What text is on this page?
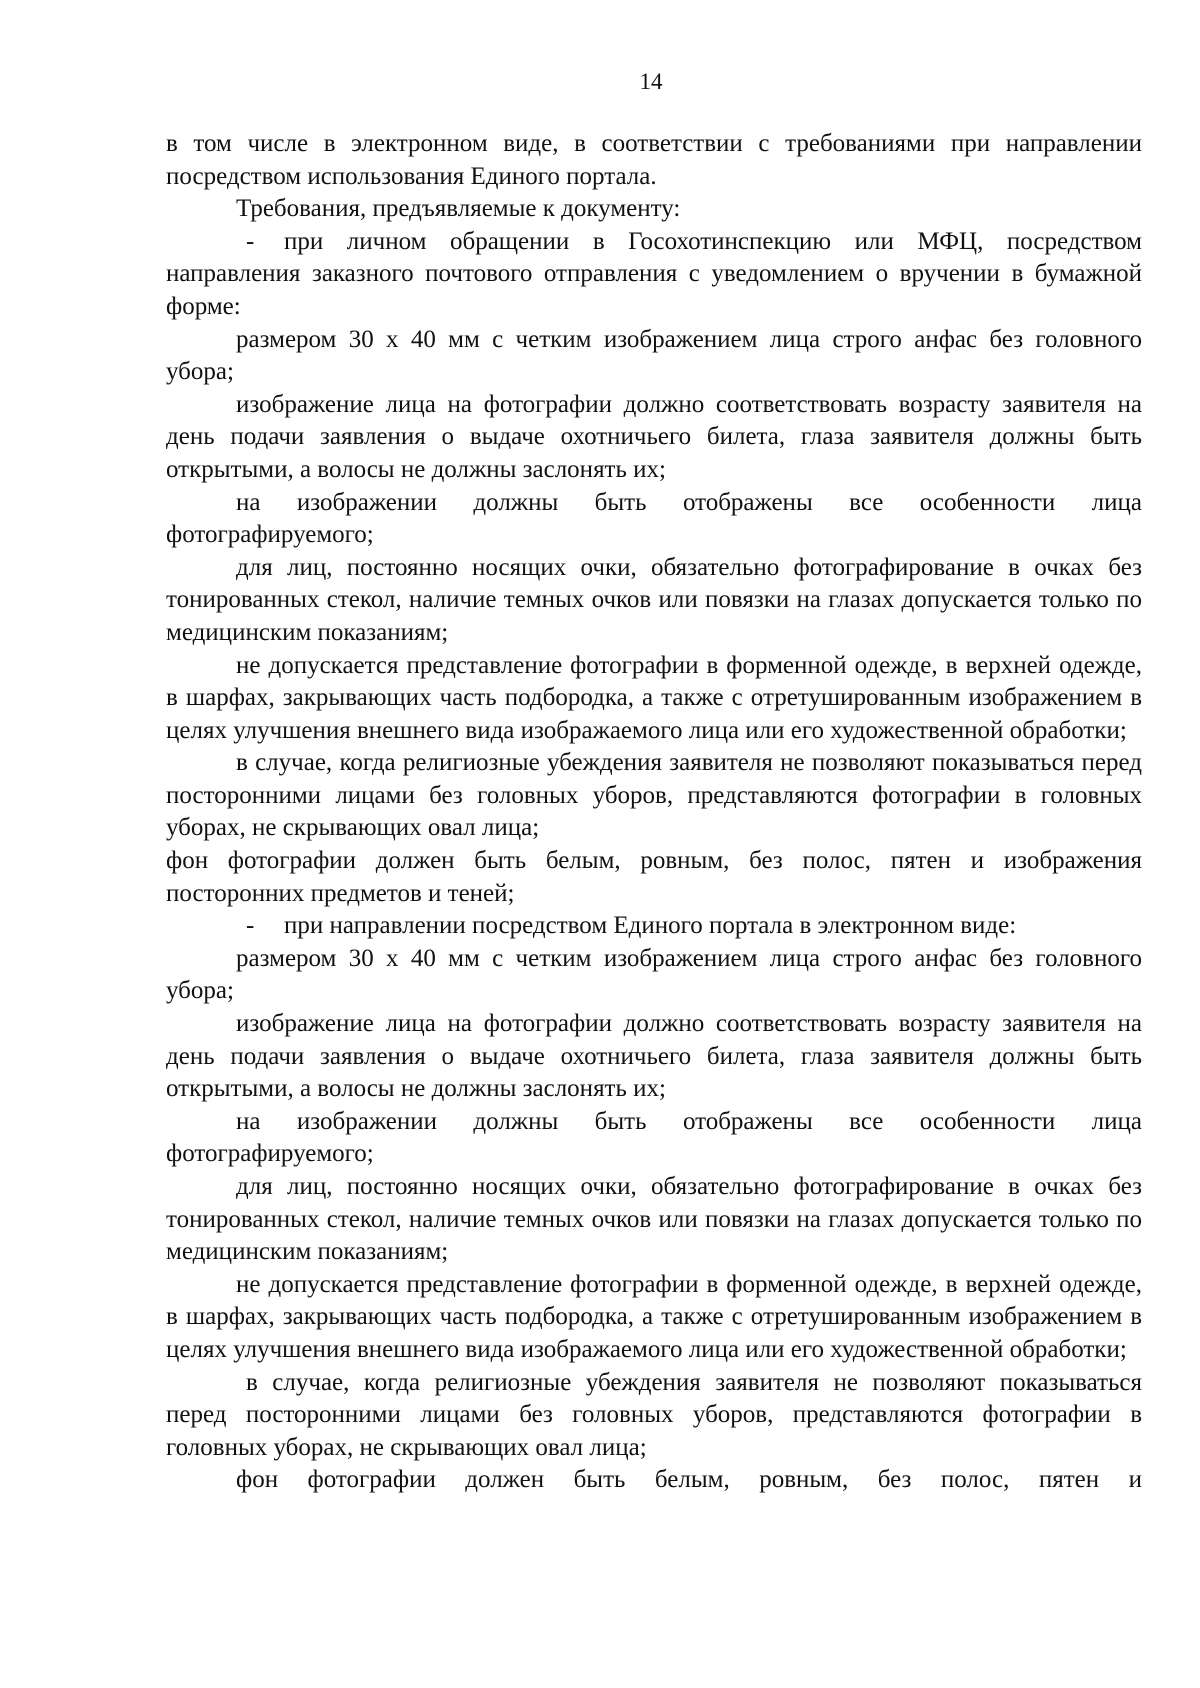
14

в том числе в электронном виде, в соответствии с требованиями при направлении посредством использования Единого портала.

Требования, предъявляемые к документу:

- при личном обращении в Госохотинспекцию или МФЦ, посредством направления заказного почтового отправления с уведомлением о вручении в бумажной форме:

размером 30 х 40 мм с четким изображением лица строго анфас без головного убора;

изображение лица на фотографии должно соответствовать возрасту заявителя на день подачи заявления о выдаче охотничьего билета, глаза заявителя должны быть открытыми, а волосы не должны заслонять их;

на изображении должны быть отображены все особенности лица фотографируемого;

для лиц, постоянно носящих очки, обязательно фотографирование в очках без тонированных стекол, наличие темных очков или повязки на глазах допускается только по медицинским показаниям;

не допускается представление фотографии в форменной одежде, в верхней одежде, в шарфах, закрывающих часть подбородка, а также с отретушированным изображением в целях улучшения внешнего вида изображаемого лица или его художественной обработки;

в случае, когда религиозные убеждения заявителя не позволяют показываться перед посторонними лицами без головных уборов, представляются фотографии в головных уборах, не скрывающих овал лица;

фон фотографии должен быть белым, ровным, без полос, пятен и изображения посторонних предметов и теней;

- при направлении посредством Единого портала в электронном виде:

размером 30 х 40 мм с четким изображением лица строго анфас без головного убора;

изображение лица на фотографии должно соответствовать возрасту заявителя на день подачи заявления о выдаче охотничьего билета, глаза заявителя должны быть открытыми, а волосы не должны заслонять их;

на изображении должны быть отображены все особенности лица фотографируемого;

для лиц, постоянно носящих очки, обязательно фотографирование в очках без тонированных стекол, наличие темных очков или повязки на глазах допускается только по медицинским показаниям;

не допускается представление фотографии в форменной одежде, в верхней одежде, в шарфах, закрывающих часть подбородка, а также с отретушированным изображением в целях улучшения внешнего вида изображаемого лица или его художественной обработки;

в случае, когда религиозные убеждения заявителя не позволяют показываться перед посторонними лицами без головных уборов, представляются фотографии в головных уборах, не скрывающих овал лица;

фон фотографии должен быть белым, ровным, без полос, пятен и
